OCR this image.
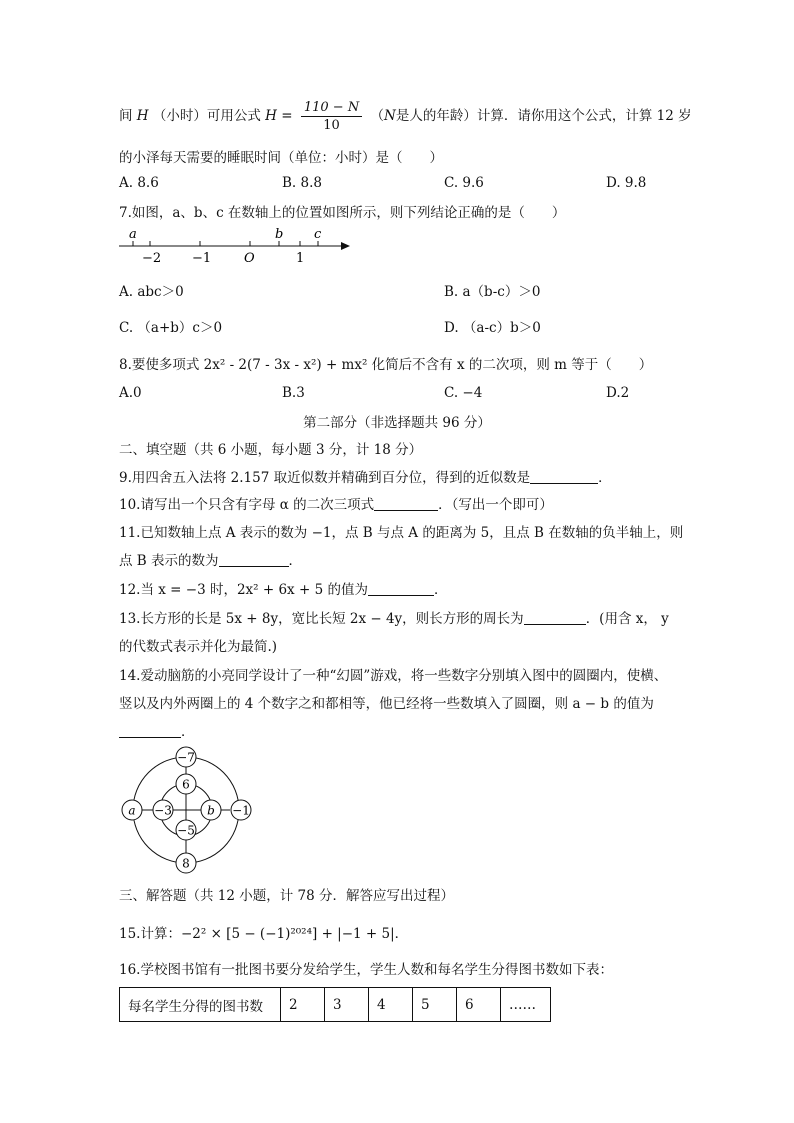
间 H （小时）可用公式 $H = \frac{110 - N}{10} (N$是人的年龄）计算．请你用这个公式，计算 12 岁
的小泽每天需要的睡眠时间（单位：小时）是（　　）
A. 8.6	B. 8.8	C. 9.6	D. 9.8
7.如图，a、b、c 在数轴上的位置如图所示，则下列结论正确的是（　　）
a	b c
−2 −1	O	1
A. abc＞0	B. a（b-c）＞0
C. （a+b）c＞0	D. （a-c）b＞0
8.要使多项式 2x² - 2(7 - 3x - x²) + mx² 化简后不含有 x 的二次项，则 m 等于（　　）
A.0	B.3	C. −4	D.2
第二部分（非选择题共 96 分）
二、填空题（共 6 小题，每小题 3 分，计 18 分）
9.用四舍五入法将 2.157 取近似数并精确到百分位，得到的近似数是	．
10.请写出一个只含有字母 α 的二次三项式	．（写出一个即可）
11.已知数轴上点 A 表示的数为 −1，点 B 与点 A 的距离为 5，且点 B 在数轴的负半轴上，则
点 B 表示的数为	．
12.当 x = −3 时，2x² + 6x + 5 的值为	．
13.长方形的长是 5x + 8y，宽比长短 2x − 4y，则长方形的周长为	．(用含 x， y
的代数式表示并化为最简.)
14.爱动脑筋的小亮同学设计了一种“幻圆”游戏，将一些数字分别填入图中的圆圈内，使横、
竖以及内外两圈上的 4 个数字之和都相等，他已经将一些数填入了圆圈，则 a − b 的值为
．
−7
6
a −3	b −1
−5
8
三、解答题（共 12 小题，计 78 分．解答应写出过程）
15.计算：−2² × [5 − (−1)²⁰²⁴] + |−1 + 5|．
16.学校图书馆有一批图书要分发给学生，学生人数和每名学生分得图书数如下表：
每名学生分得的图书数	2	3	4	5	6	……
